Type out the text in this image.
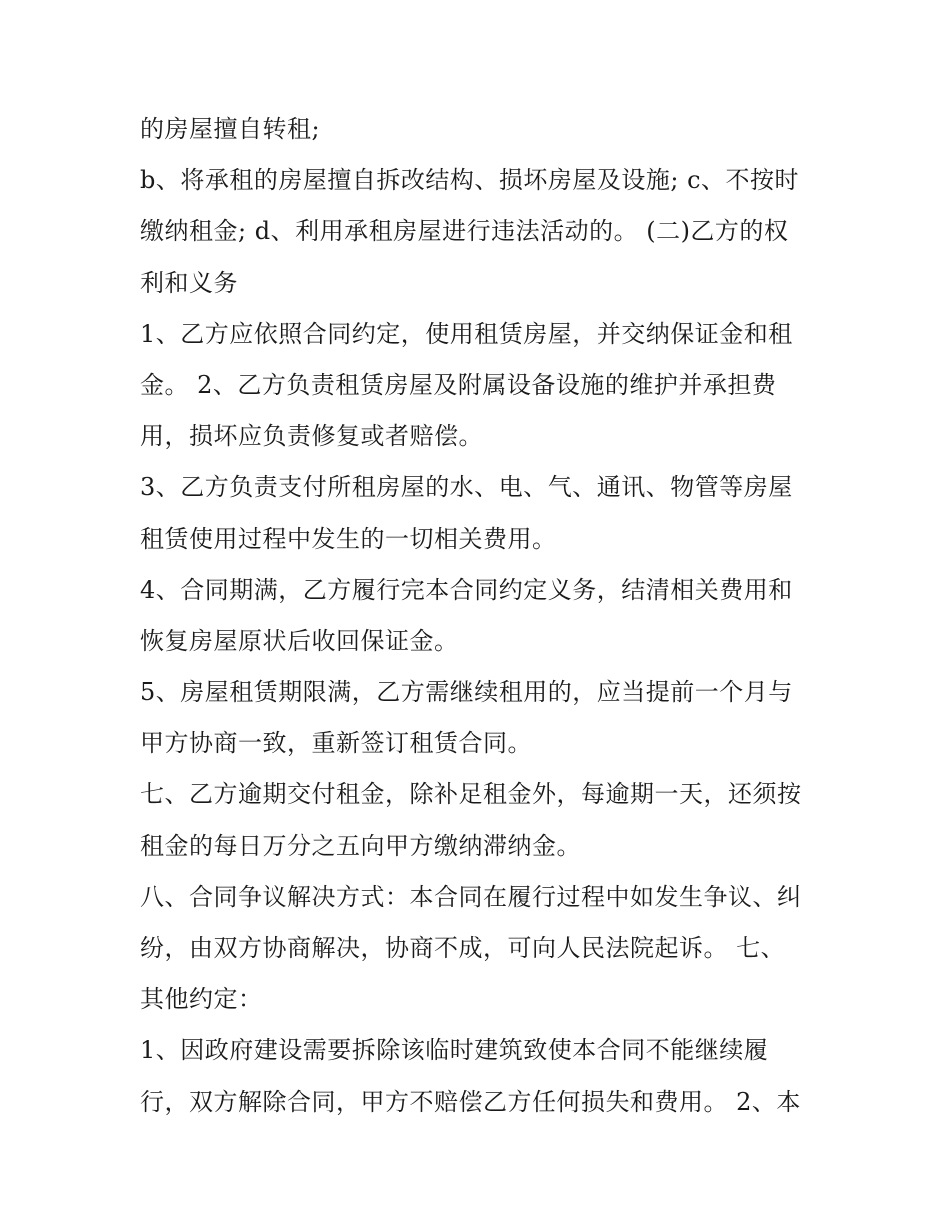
的房屋擅自转租;
b、将承租的房屋擅自拆改结构、损坏房屋及设施; c、不按时
缴纳租金; d、利用承租房屋进行违法活动的。 (二)乙方的权
利和义务
1、乙方应依照合同约定，使用租赁房屋，并交纳保证金和租
金。 2、乙方负责租赁房屋及附属设备设施的维护并承担费
用，损坏应负责修复或者赔偿。
3、乙方负责支付所租房屋的水、电、气、通讯、物管等房屋
租赁使用过程中发生的一切相关费用。
4、合同期满，乙方履行完本合同约定义务，结清相关费用和
恢复房屋原状后收回保证金。
5、房屋租赁期限满，乙方需继续租用的，应当提前一个月与
甲方协商一致，重新签订租赁合同。
七、乙方逾期交付租金，除补足租金外，每逾期一天，还须按
租金的每日万分之五向甲方缴纳滞纳金。
八、合同争议解决方式：本合同在履行过程中如发生争议、纠
纷，由双方协商解决，协商不成，可向人民法院起诉。 七、
其他约定：
1、因政府建设需要拆除该临时建筑致使本合同不能继续履
行，双方解除合同，甲方不赔偿乙方任何损失和费用。 2、本
